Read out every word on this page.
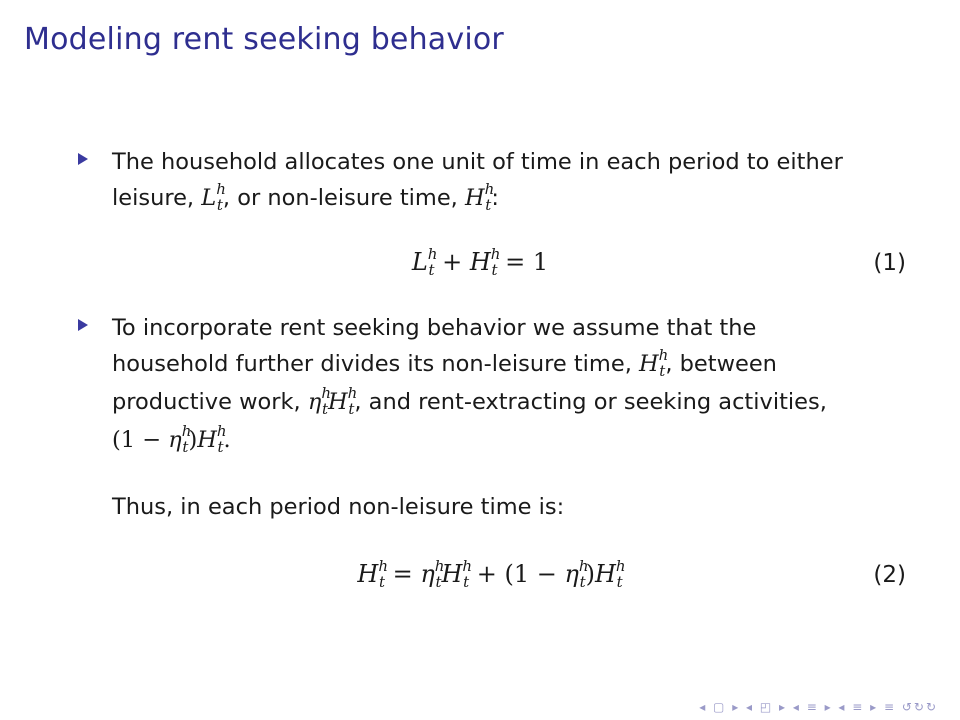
Modeling rent seeking behavior
The household allocates one unit of time in each period to either
leisure, $L^h_t$, or non-leisure time, $H^h_t$:
$L^h_t + H^h_t = 1$	(1)
To incorporate rent seeking behavior we assume that the
household further divides its non-leisure time, $H^h_t$, between
productive work, $\eta^h_tH^h_t$, and rent-extracting or seeking activities,
$(1 - \eta^h_t)H^h_t$.
Thus, in each period non-leisure time is:
$H^h_t = \eta^h_tH^h_t + (1 - \eta^h_t)H^h_t$	(2)
◂ ▢ ▸ ◂ ◰ ▸ ◂ ≡ ▸ ◂ ≡ ▸ ≡ ↺↻↻
